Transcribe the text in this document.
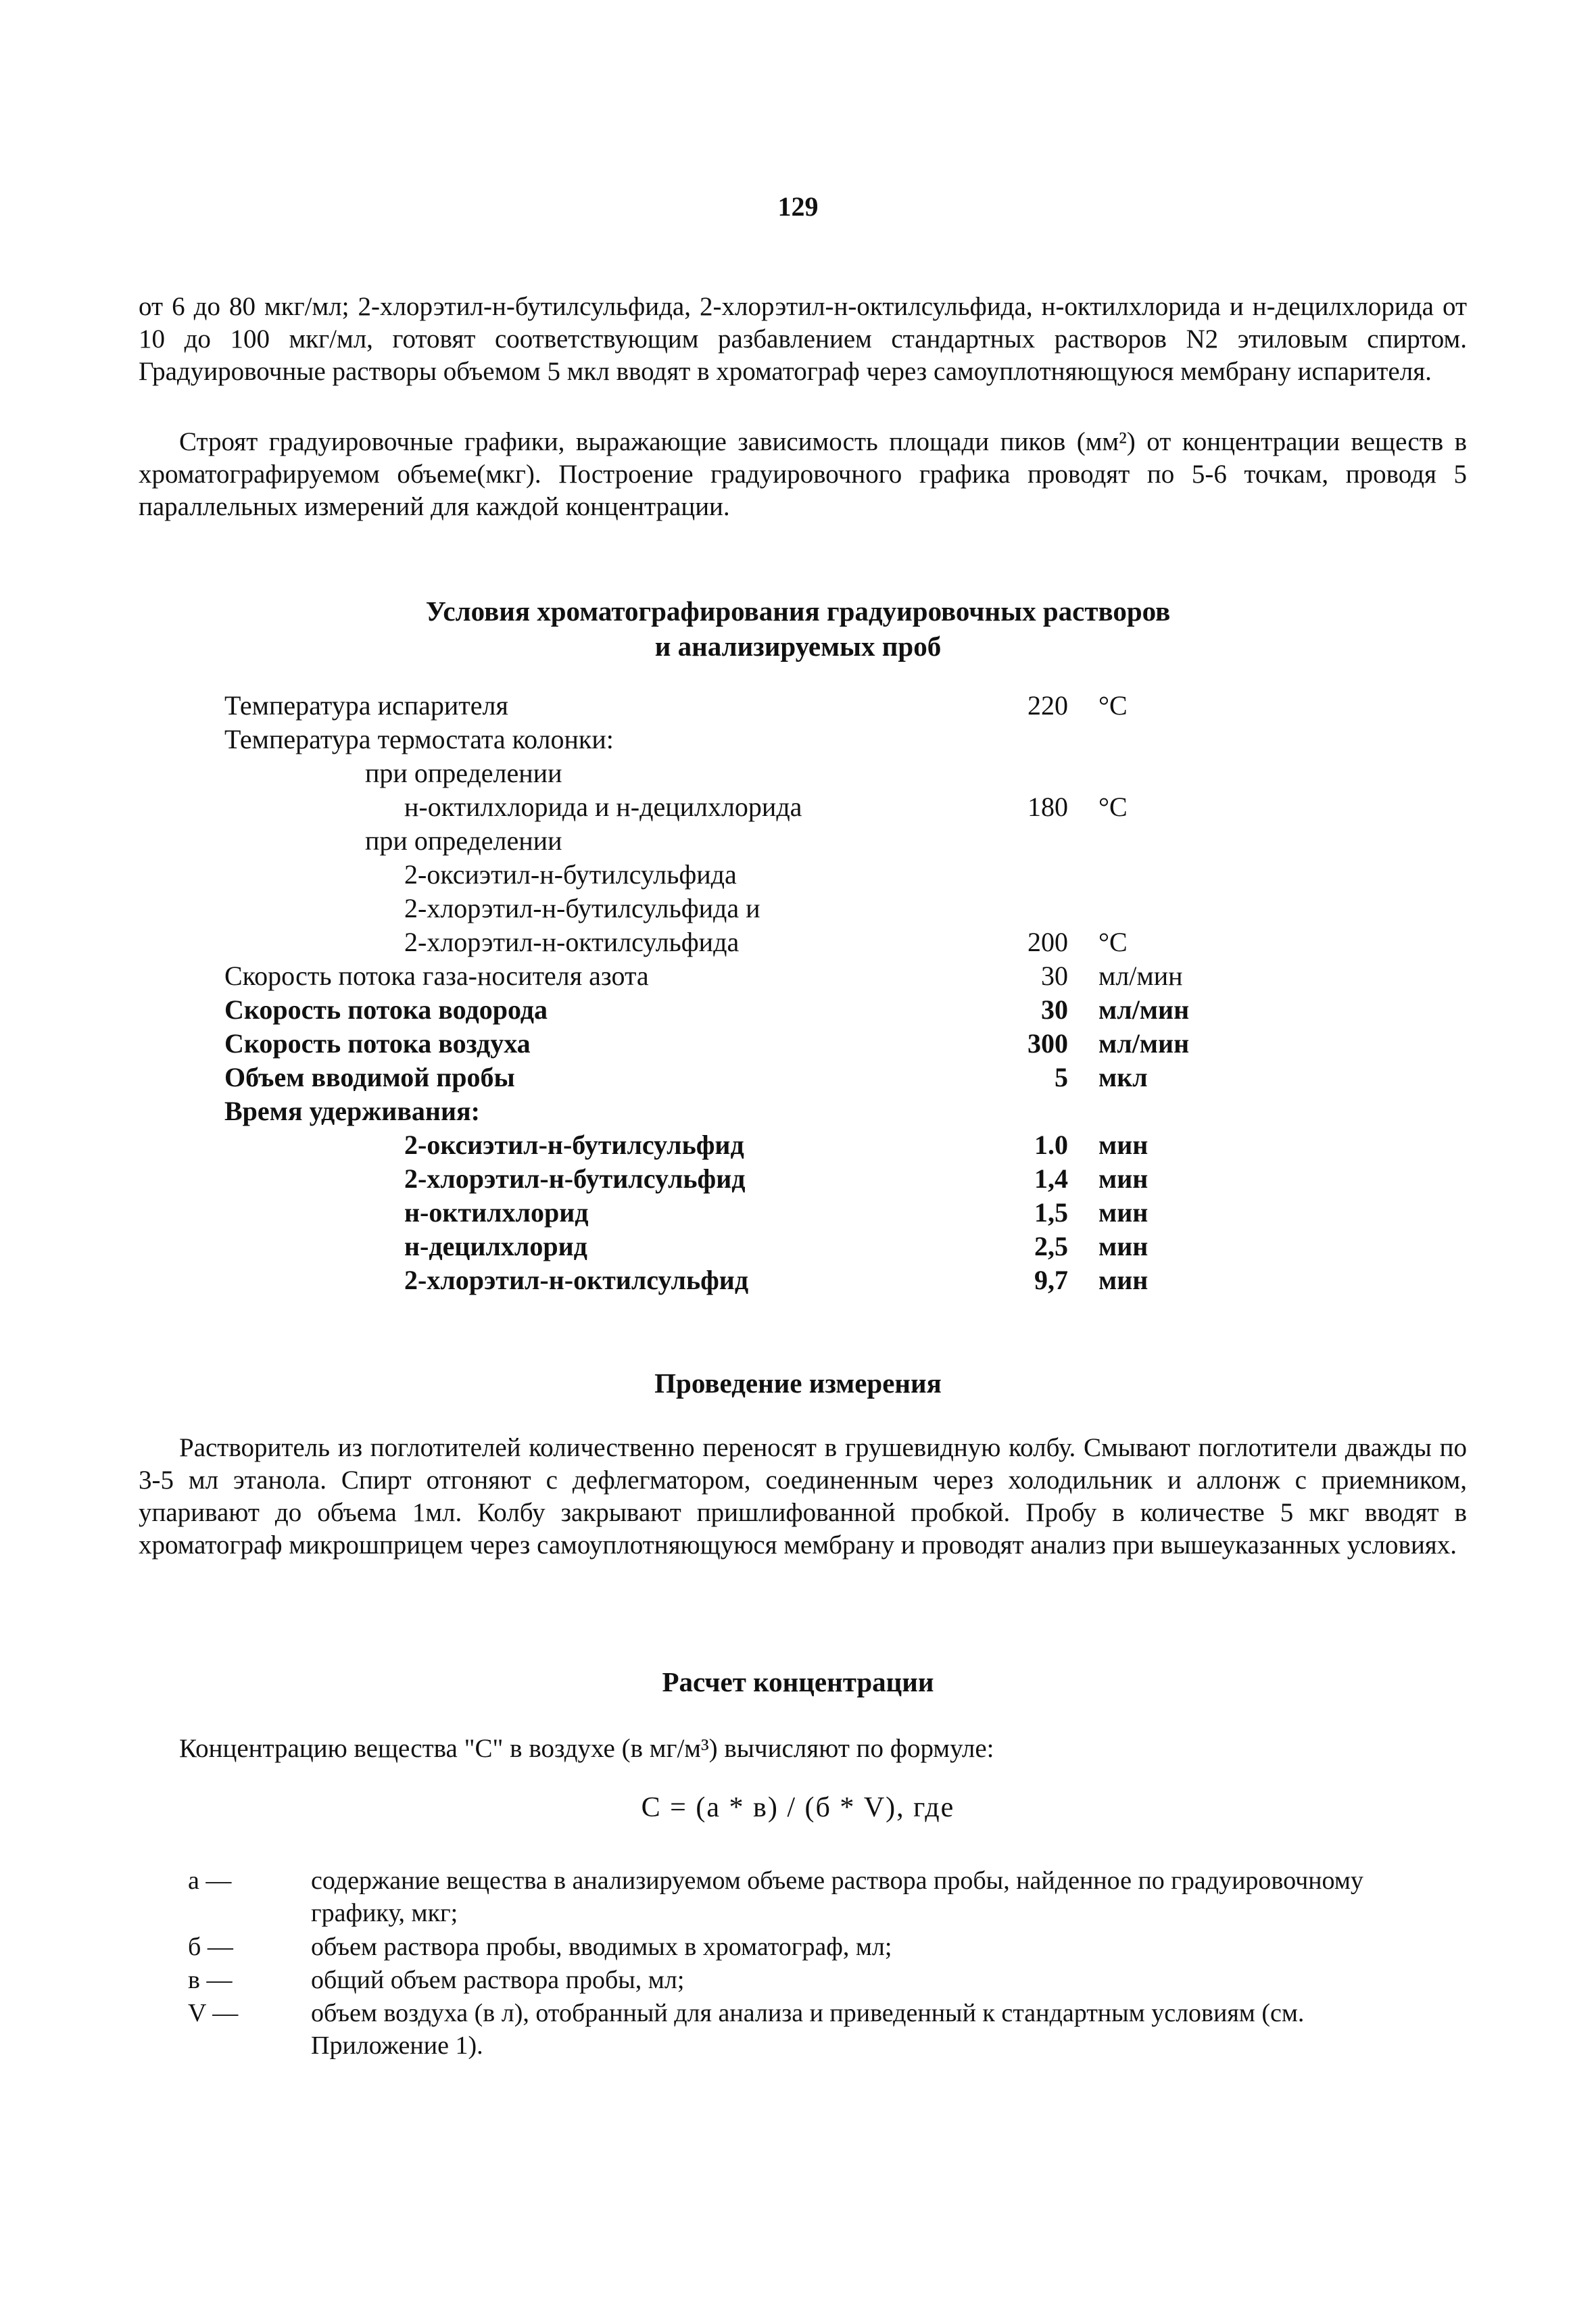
129
от 6 до 80 мкг/мл; 2-хлорэтил-н-бутилсульфида, 2-хлорэтил-н-октилсульфида, н-октилхлорида и н-децилхлорида от 10 до 100 мкг/мл, готовят соответствующим разбавлением стандартных растворов N2 этиловым спиртом. Градуировочные растворы объемом 5 мкл вводят в хроматограф через самоуплотняющуюся мембрану испарителя.
Строят градуировочные графики, выражающие зависимость площади пиков (мм²) от концентрации веществ в хроматографируемом объеме(мкг). Построение градуировочного графика проводят по 5-6 точкам, проводя 5 параллельных измерений для каждой концентрации.
Условия хроматографирования градуировочных растворов
и анализируемых проб
Температура испарителя	220 °С
Температура термостата колонки:
при определении
н-октилхлорида и н-децилхлорида	180 °С
при определении
2-оксиэтил-н-бутилсульфида
2-хлорэтил-н-бутилсульфида и
2-хлорэтил-н-октилсульфида	200 °С
Скорость потока газа-носителя азота	30 мл/мин
Скорость потока водорода	30 мл/мин
Скорость потока воздуха	300 мл/мин
Объем вводимой пробы	5 мкл
Время удерживания:
2-оксиэтил-н-бутилсульфид	1.0 мин
2-хлорэтил-н-бутилсульфид	1,4 мин
н-октилхлорид	1,5 мин
н-децилхлорид	2,5 мин
2-хлорэтил-н-октилсульфид	9,7 мин
Проведение измерения
Растворитель из поглотителей количественно переносят в грушевидную колбу. Смывают поглотители дважды по 3-5 мл этанола. Спирт отгоняют с дефлегматором, соединенным через холодильник и аллонж с приемником, упаривают до объема 1мл. Колбу закрывают пришлифованной пробкой. Пробу в количестве 5 мкг вводят в хроматограф микрошприцем через самоуплотняющуюся мембрану и проводят анализ при вышеуказанных условиях.
Расчет концентрации
Концентрацию вещества "С" в воздухе (в мг/м³) вычисляют по формуле:
С = (а * в) / (б * V), где
а —	содержание вещества в анализируемом объеме раствора пробы, найденное по градуировочному графику, мкг;
б —	объем раствора пробы, вводимых в хроматограф, мл;
в —	общий объем раствора пробы, мл;
V —	объем воздуха (в л), отобранный для анализа и приведенный к стандартным условиям (см. Приложение 1).
